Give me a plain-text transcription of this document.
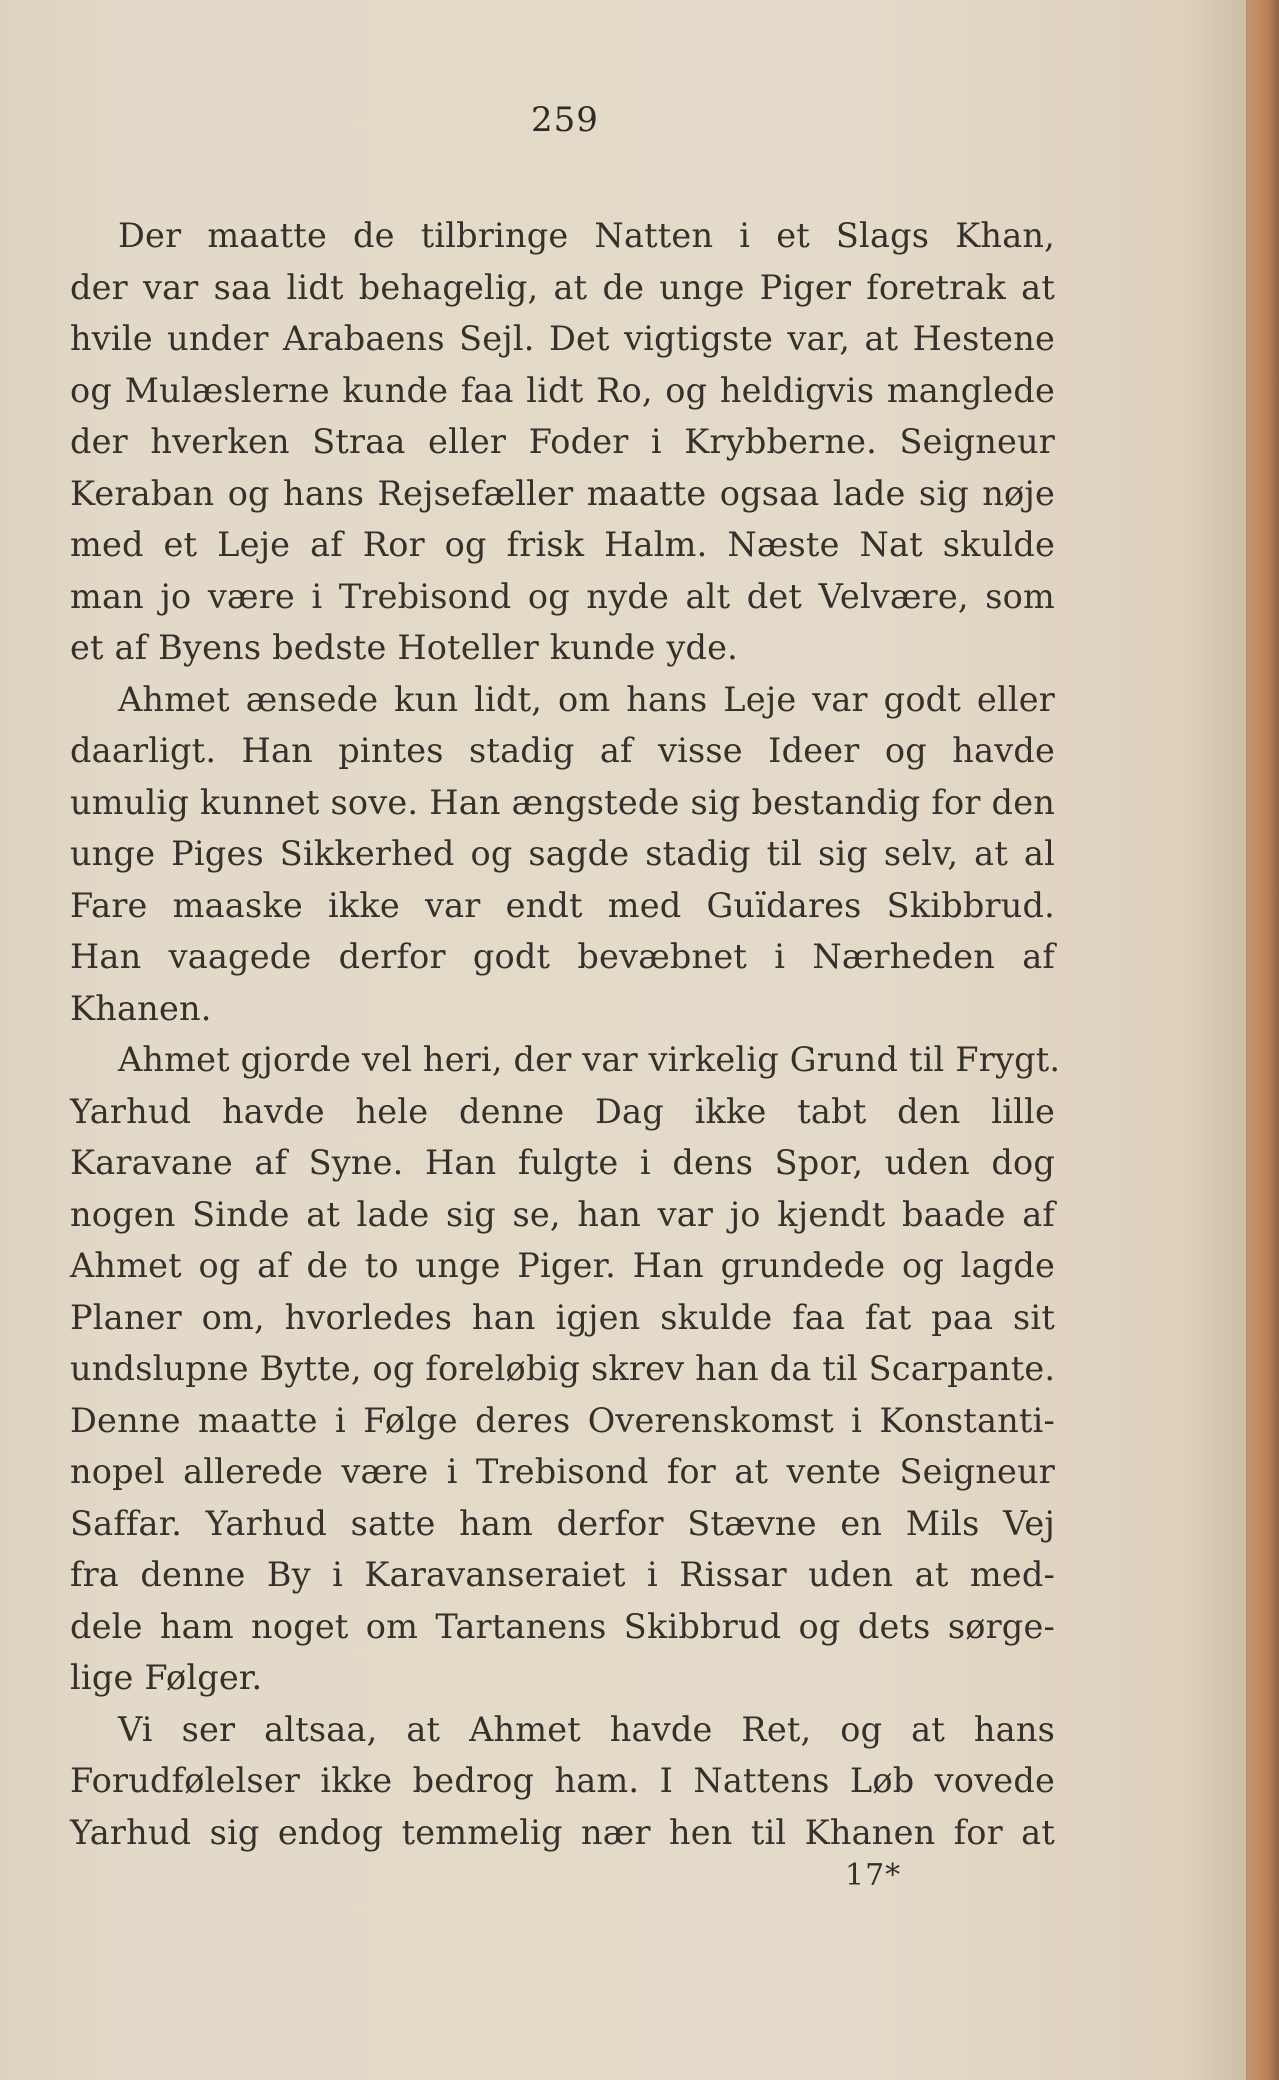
259
Der maatte de tilbringe Natten i et Slags Khan,
der var saa lidt behagelig, at de unge Piger foretrak at
hvile under Arabaens Sejl. Det vigtigste var, at Hestene
og Mulæslerne kunde faa lidt Ro, og heldigvis manglede
der hverken Straa eller Foder i Krybberne. Seigneur
Keraban og hans Rejsefæller maatte ogsaa lade sig nøje
med et Leje af Ror og frisk Halm. Næste Nat skulde
man jo være i Trebisond og nyde alt det Velvære, som
et af Byens bedste Hoteller kunde yde.
Ahmet ænsede kun lidt, om hans Leje var godt eller
daarligt. Han pintes stadig af visse Ideer og havde
umulig kunnet sove. Han ængstede sig bestandig for den
unge Piges Sikkerhed og sagde stadig til sig selv, at al
Fare maaske ikke var endt med Guïdares Skibbrud.
Han vaagede derfor godt bevæbnet i Nærheden af
Khanen.
Ahmet gjorde vel heri, der var virkelig Grund til Frygt.
Yarhud havde hele denne Dag ikke tabt den lille
Karavane af Syne. Han fulgte i dens Spor, uden dog
nogen Sinde at lade sig se, han var jo kjendt baade af
Ahmet og af de to unge Piger. Han grundede og lagde
Planer om, hvorledes han igjen skulde faa fat paa sit
undslupne Bytte, og foreløbig skrev han da til Scarpante.
Denne maatte i Følge deres Overenskomst i Konstanti-
nopel allerede være i Trebisond for at vente Seigneur
Saffar. Yarhud satte ham derfor Stævne en Mils Vej
fra denne By i Karavanseraiet i Rissar uden at med-
dele ham noget om Tartanens Skibbrud og dets sørge-
lige Følger.
Vi ser altsaa, at Ahmet havde Ret, og at hans
Forudfølelser ikke bedrog ham. I Nattens Løb vovede
Yarhud sig endog temmelig nær hen til Khanen for at
17*
